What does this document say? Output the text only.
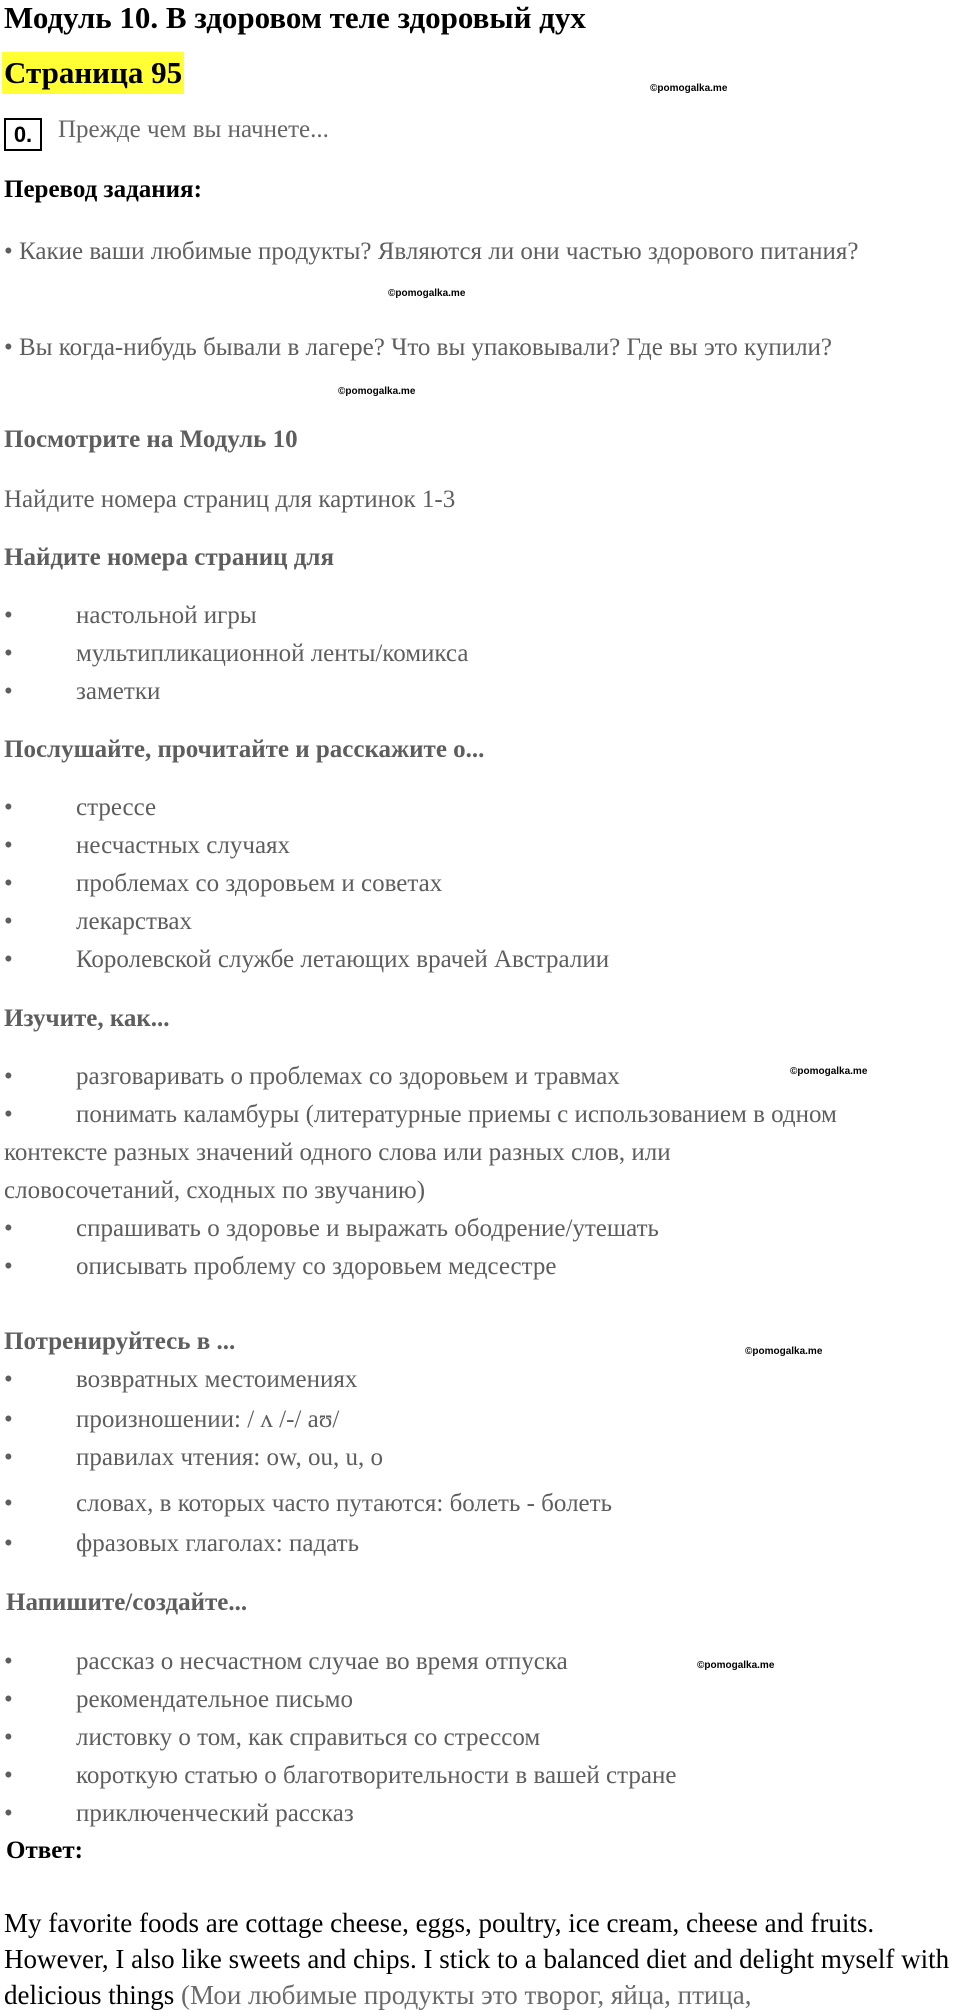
Модуль 10. В здоровом теле здоровый дух
Страница 95	©pomogalka.me
0.	Прежде чем вы начнете...
Перевод задания:
• Какие ваши любимые продукты? Являются ли они частью здорового питания?
©pomogalka.me
• Вы когда-нибудь бывали в лагере? Что вы упаковывали? Где вы это купили?
©pomogalka.me
Посмотрите на Модуль 10
Найдите номера страниц для картинок 1-3
Найдите номера страниц для
•	настольной игры
•	мультипликационной ленты/комикса
•	заметки
Послушайте, прочитайте и расскажите о...
•	стрессе
•	несчастных случаях
•	проблемах со здоровьем и советах
•	лекарствах
•	Королевской службе летающих врачей Австралии
Изучите, как...
•	разговаривать о проблемах со здоровьем и травмах	©pomogalka.me
•	понимать каламбуры (литературные приемы с использованием в одном
контексте разных значений одного слова или разных слов, или
словосочетаний, сходных по звучанию)
•	спрашивать о здоровье и выражать ободрение/утешать
•	описывать проблему со здоровьем медсестре
Потренируйтесь в ...	©pomogalka.me
•	возвратных местоимениях
•	произношении: / ʌ /-/ aʊ/
•	правилах чтения: ow, ou, u, o
•	словах, в которых часто путаются: болеть - болеть
•	фразовых глаголах: падать
Напишите/создайте...
•	рассказ о несчастном случае во время отпуска	©pomogalka.me
•	рекомендательное письмо
•	листовку о том, как справиться со стрессом
•	короткую статью о благотворительности в вашей стране
•	приключенческий рассказ
Ответ:
My favorite foods are cottage cheese, eggs, poultry, ice cream, cheese and fruits. However, I also like sweets and chips. I stick to a balanced diet and delight myself with delicious things (Мои любимые продукты это творог, яйца, птица,
